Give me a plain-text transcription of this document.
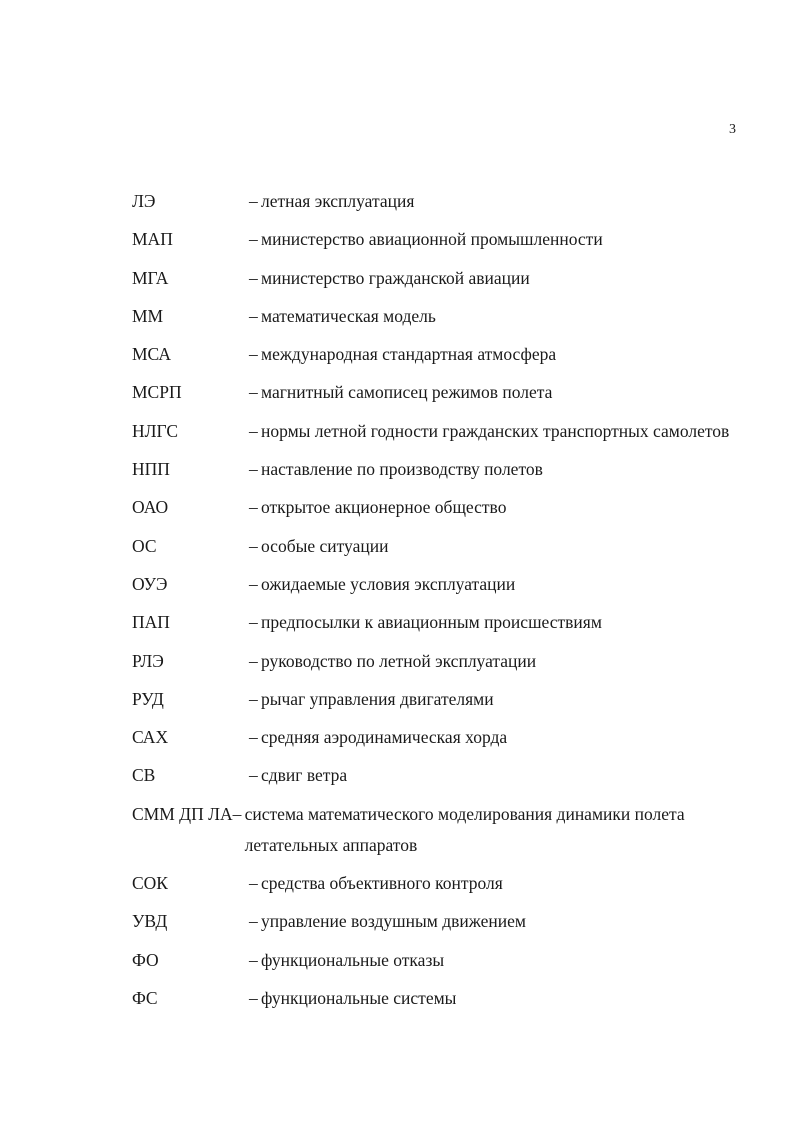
3
ЛЭ	– летная эксплуатация
МАП	– министерство авиационной промышленности
МГА	– министерство гражданской авиации
ММ	– математическая модель
МСА	– международная стандартная атмосфера
МСРП	– магнитный самописец режимов полета
НЛГС	– нормы летной годности гражданских транспортных самолетов
НПП	– наставление по производству полетов
ОАО	– открытое акционерное общество
ОС	– особые ситуации
ОУЭ	– ожидаемые условия эксплуатации
ПАП	– предпосылки к авиационным происшествиям
РЛЭ	– руководство по летной эксплуатации
РУД	– рычаг управления двигателями
САХ	– средняя аэродинамическая хорда
СВ	– сдвиг ветра
СММ ДП ЛА – система математического моделирования динамики полета летательных аппаратов
СОК	– средства объективного контроля
УВД	– управление воздушным движением
ФО	– функциональные отказы
ФС	– функциональные системы
